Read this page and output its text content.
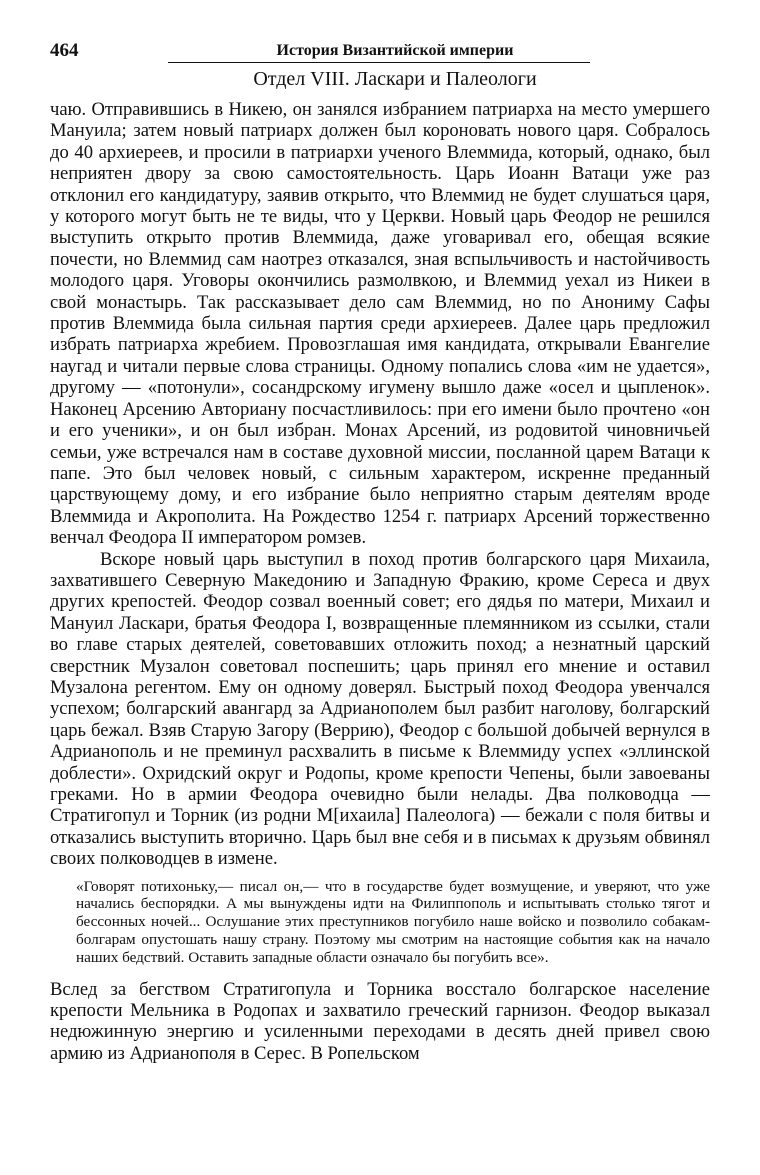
464	История Византийской империи
Отдел VIII. Ласкари и Палеологи

чаю. Отправившись в Никею, он занялся избранием патриарха на место умершего Мануила; затем новый патриарх должен был короновать нового царя. Собралось до 40 архиереев, и просили в патриархи ученого Влеммида, который, однако, был неприятен двору за свою самостоятельность. Царь Иоанн Ватаци уже раз отклонил его кандидатуру, заявив открыто, что Влеммид не будет слушаться царя, у которого могут быть не те виды, что у Церкви. Новый царь Феодор не решился выступить открыто против Влеммида, даже уговаривал его, обещая всякие почести, но Влеммид сам наотрез отказался, зная вспыльчивость и настойчивость молодого царя. Уговоры окончились размолвкою, и Влеммид уехал из Никеи в свой монастырь. Так рассказывает дело сам Влеммид, но по Анониму Сафы против Влеммида была сильная партия среди архиереев. Далее царь предложил избрать патриарха жребием. Провозглашая имя кандидата, открывали Евангелие наугад и читали первые слова страницы. Одному попались слова «им не удается», другому — «потонули», сосандрскому игумену вышло даже «осел и цыпленок». Наконец Арсению Авториану посчастливилось: при его имени было прочтено «он и его ученики», и он был избран. Монах Арсений, из родовитой чиновничьей семьи, уже встречался нам в составе духовной миссии, посланной царем Ватаци к папе. Это был человек новый, с сильным характером, искренне преданный царствующему дому, и его избрание было неприятно старым деятелям вроде Влеммида и Акрополита. На Рождество 1254 г. патриарх Арсений торжественно венчал Феодора II императором ромзев.

Вскоре новый царь выступил в поход против болгарского царя Михаила, захватившего Северную Македонию и Западную Фракию, кроме Сереса и двух других крепостей. Феодор созвал военный совет; его дядья по матери, Михаил и Мануил Ласкари, братья Феодора I, возвращенные племянником из ссылки, стали во главе старых деятелей, советовавших отложить поход; а незнатный царский сверстник Музалон советовал поспешить; царь принял его мнение и оставил Музалона регентом. Ему он одному доверял. Быстрый поход Феодора увенчался успехом; болгарский авангард за Адрианополем был разбит наголову, болгарский царь бежал. Взяв Старую Загору (Веррию), Феодор с большой добычей вернулся в Адрианополь и не преминул расхвалить в письме к Влеммиду успех «эллинской доблести». Охридский округ и Родопы, кроме крепости Чепены, были завоеваны греками. Но в армии Феодора очевидно были нелады. Два полководца — Стратигопул и Торник (из родни М[ихаила] Палеолога) — бежали с поля битвы и отказались выступить вторично. Царь был вне себя и в письмах к друзьям обвинял своих полководцев в измене.

«Говорят потихоньку,— писал он,— что в государстве будет возмущение, и уверяют, что уже начались беспорядки. А мы вынуждены идти на Филиппополь и испытывать столько тягот и бессонных ночей... Ослушание этих преступников погубило наше войско и позволило собакам-болгарам опустошать нашу страну. Поэтому мы смотрим на настоящие события как на начало наших бедствий. Оставить западные области означало бы погубить все».

Вслед за бегством Стратигопула и Торника восстало болгарское население крепости Мельника в Родопах и захватило греческий гарнизон. Феодор выказал недюжинную энергию и усиленными переходами в десять дней привел свою армию из Адрианополя в Серес. В Ропельском
